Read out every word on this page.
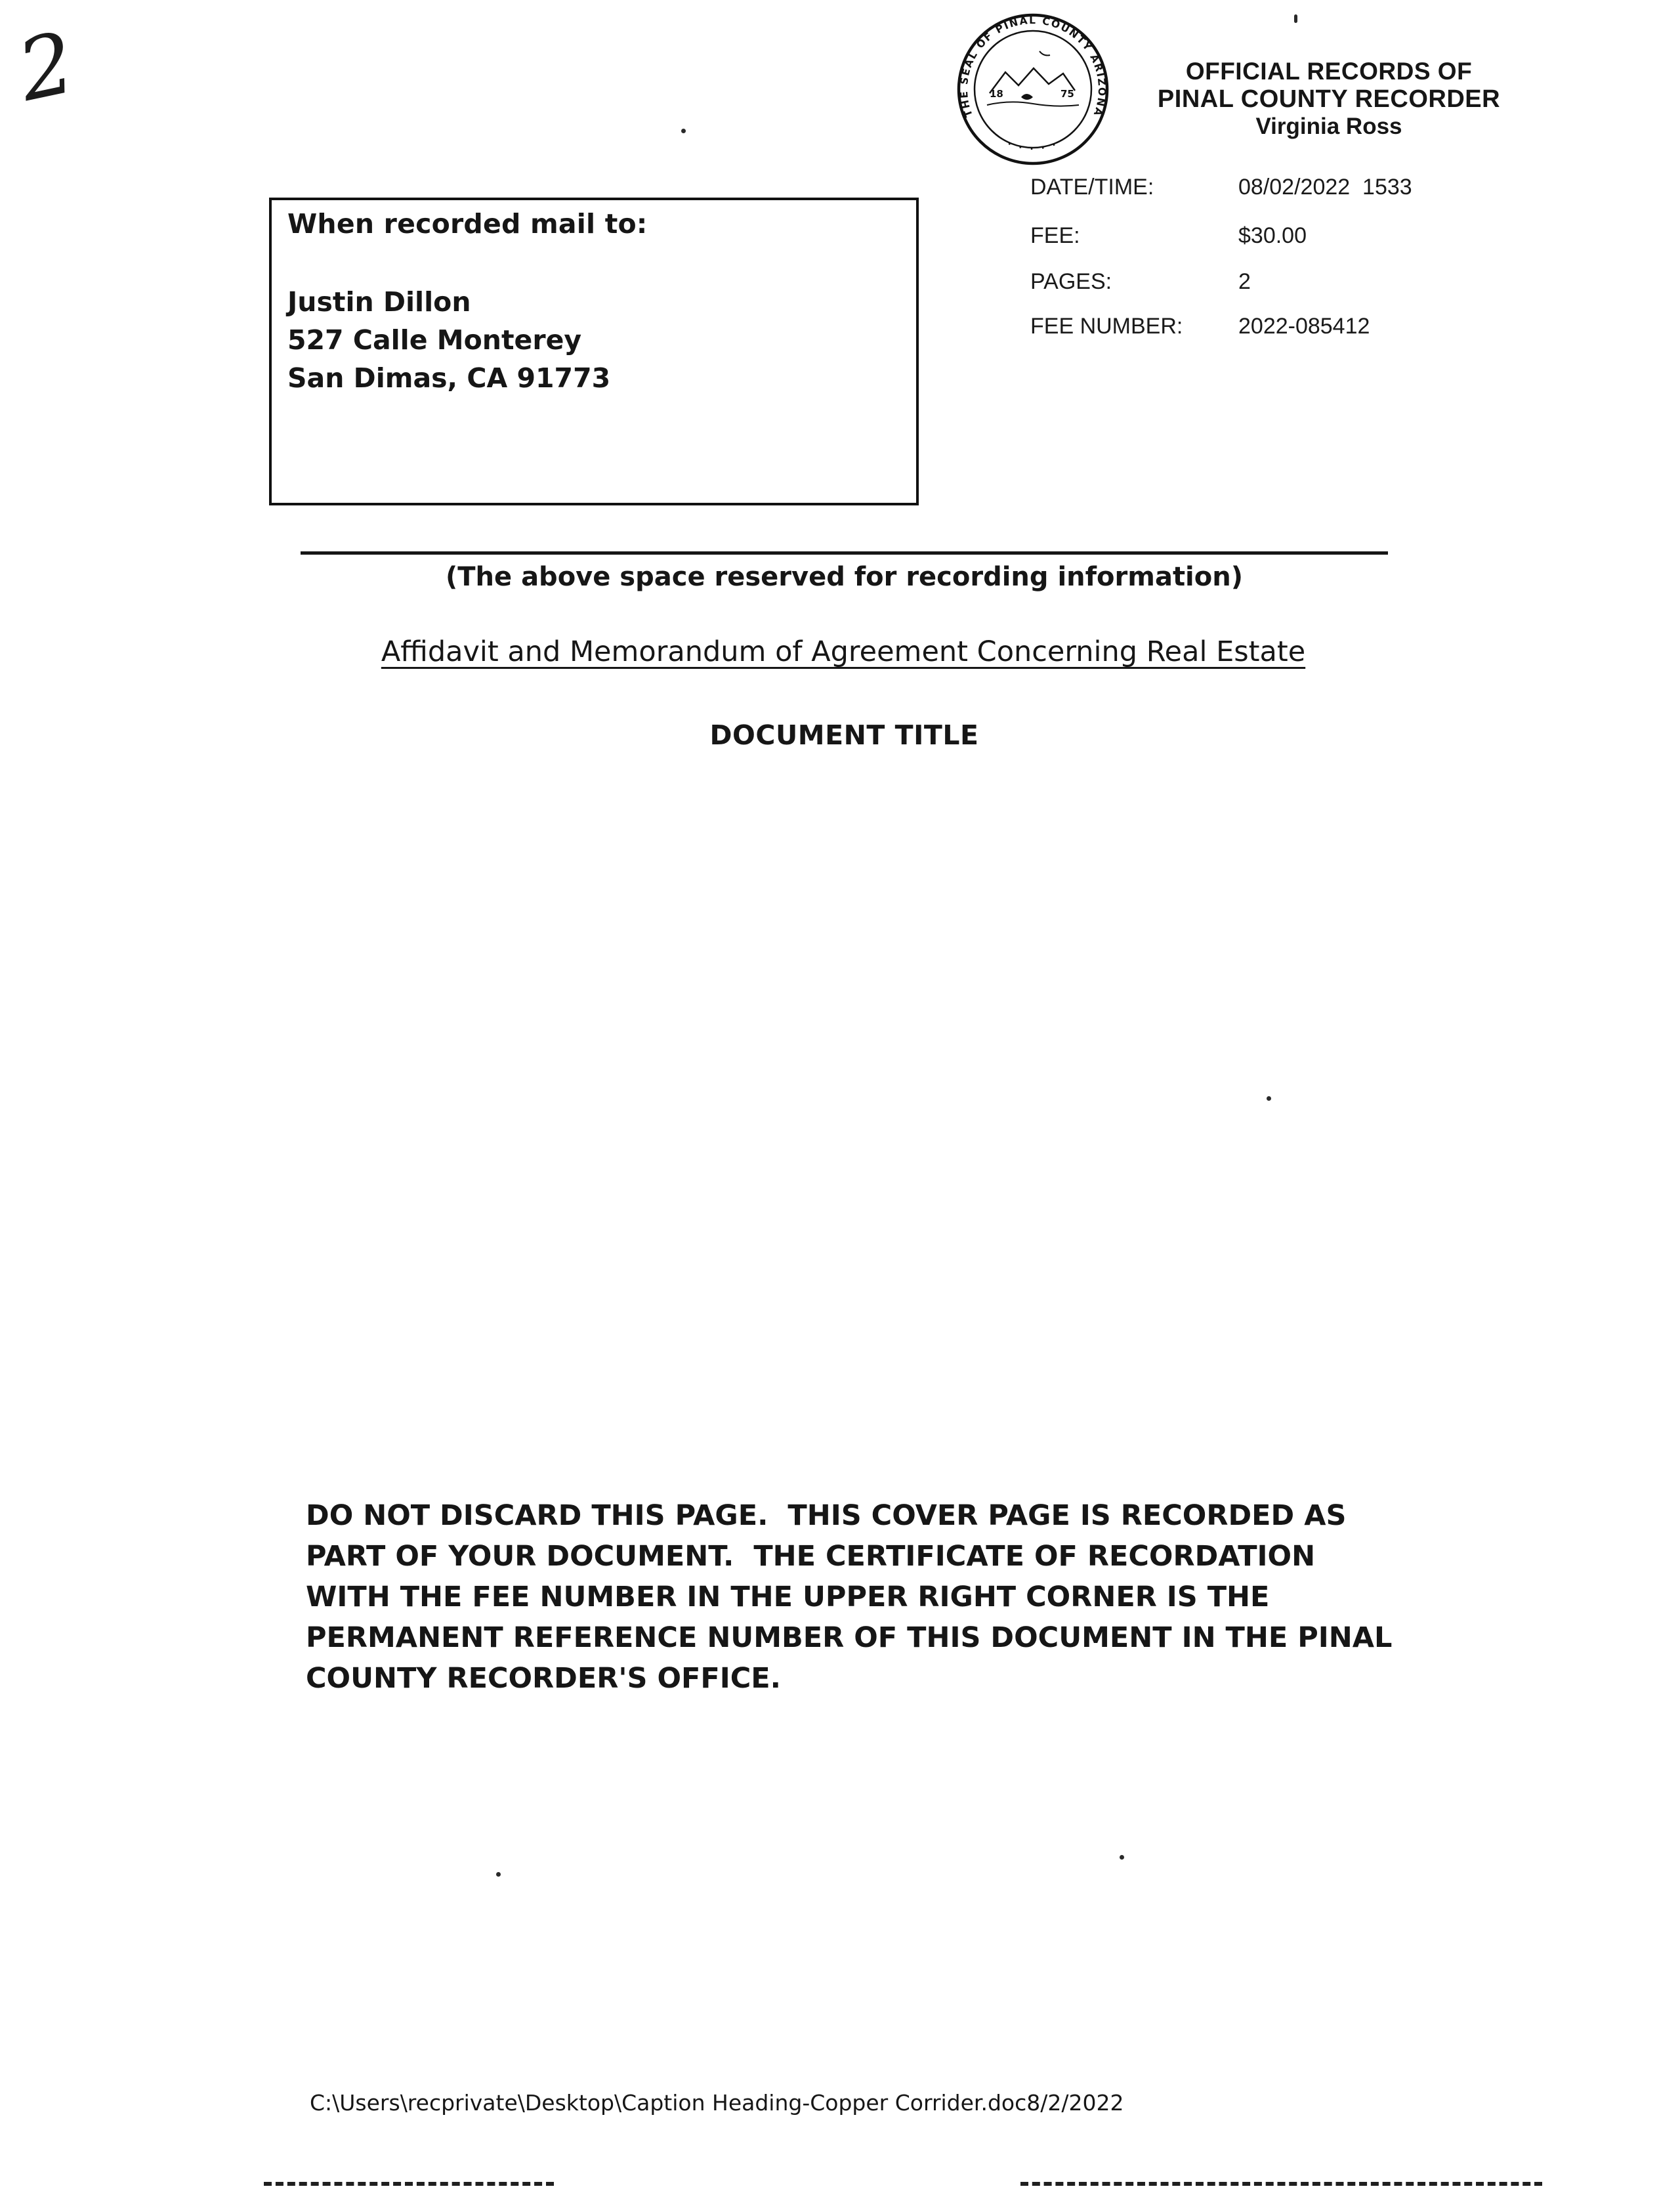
2	THE SEAL OF PINAL COUNTY ARIZONA
· · · · ·
18	75
OFFICIAL RECORDS OF
PINAL COUNTY RECORDER
Virginia Ross
DATE/TIME:	08/02/2022  1533
FEE:	$30.00
PAGES:	2
FEE NUMBER: 2022-085412
When recorded mail to:
Justin Dillon
527 Calle Monterey
San Dimas, CA 91773
(The above space reserved for recording information)
Affidavit and Memorandum of Agreement Concerning Real Estate
DOCUMENT TITLE
DO NOT DISCARD THIS PAGE.  THIS COVER PAGE IS RECORDED AS PART OF YOUR DOCUMENT.  THE CERTIFICATE OF RECORDATION WITH THE FEE NUMBER IN THE UPPER RIGHT CORNER IS THE PERMANENT REFERENCE NUMBER OF THIS DOCUMENT IN THE PINAL COUNTY RECORDER'S OFFICE.
C:\Users\recprivate\Desktop\Caption Heading-Copper Corrider.doc8/2/2022
